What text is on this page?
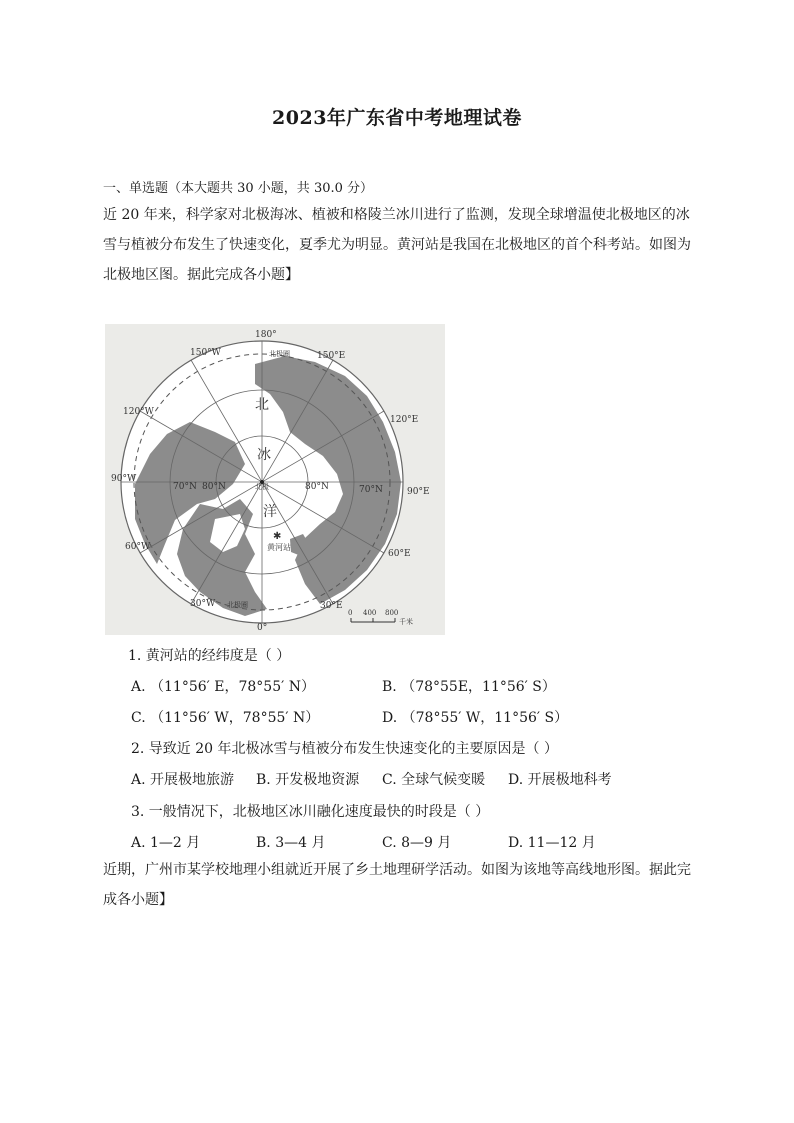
2023年广东省中考地理试卷
一、单选题（本大题共 30 小题，共 30.0 分）
近 20 年来，科学家对北极海冰、植被和格陵兰冰川进行了监测，发现全球增温使北极地区的冰雪与植被分布发生了快速变化，夏季尤为明显。黄河站是我国在北极地区的首个科考站。如图为北极地区图。据此完成各小题】
✱
180°
150°W	150°E
120°W
120°E
90°W
90°E
60°W
60°E
30°W	30°E
0°
70°N 80°N	80°N	70°N
北
冰
洋
北极
北极圈
北极圈
黄河站
0 400 800
千米
1. 黄河站的经纬度是（ ）
A. （11°56′ E，78°55′ N）	B. （78°55E，11°56′ S）
C. （11°56′ W，78°55′ N）	D. （78°55′ W，11°56′ S）
2. 导致近 20 年北极冰雪与植被分布发生快速变化的主要原因是（ ）
A. 开展极地旅游 B. 开发极地资源 C. 全球气候变暖 D. 开展极地科考
3. 一般情况下，北极地区冰川融化速度最快的时段是（ ）
A. 1—2 月	B. 3—4 月	C. 8—9 月	D. 11—12 月
近期，广州市某学校地理小组就近开展了乡土地理研学活动。如图为该地等高线地形图。据此完成各小题】
